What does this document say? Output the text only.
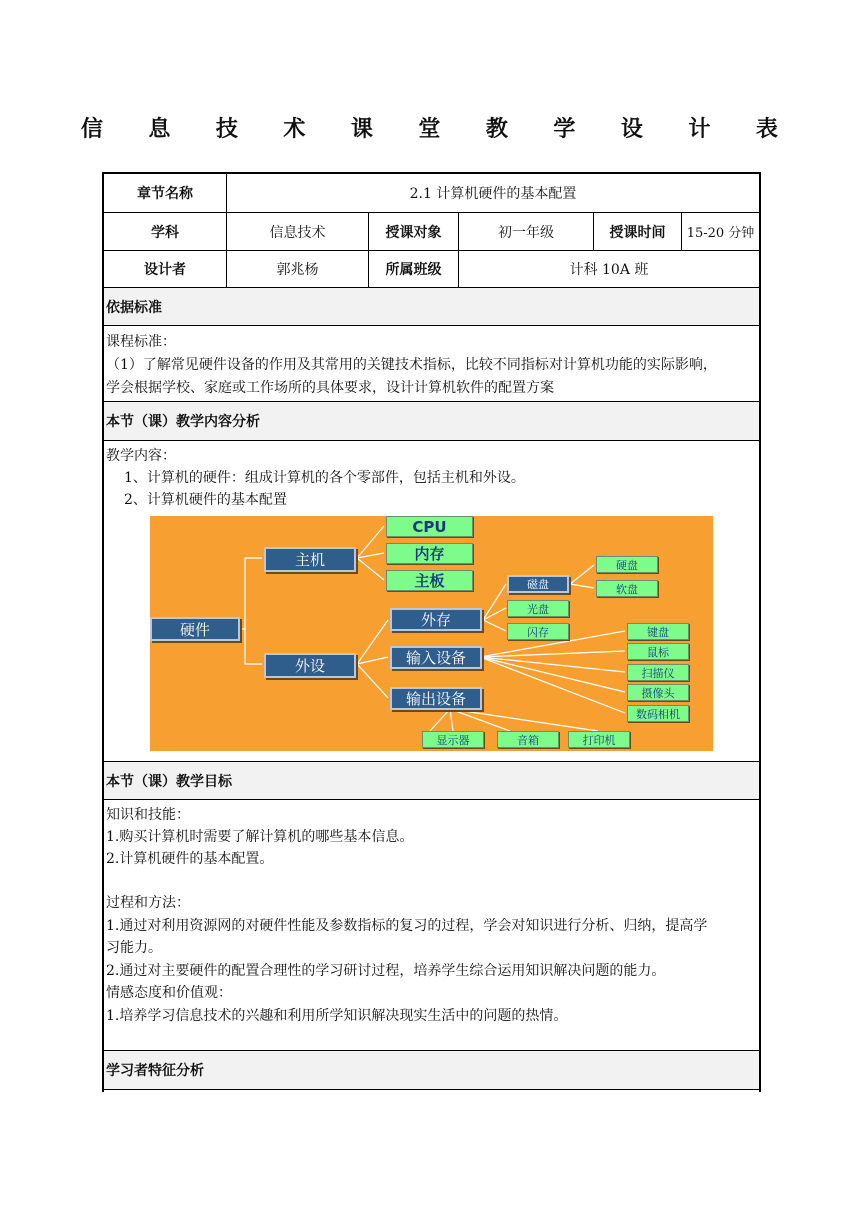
信 息 技 术 课 堂 教 学 设 计 表
章节名称	2.1 计算机硬件的基本配置
学科	信息技术	授课对象	初一年级	授课时间	15-20 分钟
设计者	郭兆杨	所属班级	计科 10A 班
依据标准
课程标准：
（1）了解常见硬件设备的作用及其常用的关键技术指标，比较不同指标对计算机功能的实际影响，
学会根据学校、家庭或工作场所的具体要求，设计计算机软件的配置方案
本节（课）教学内容分析
教学内容：
1、计算机的硬件：组成计算机的各个零部件，包括主机和外设。
2、计算机硬件的基本配置
硬件
主机
外设
CPU
内存
主板
外存
输入设备
输出设备
磁盘
光盘
闪存
硬盘
软盘
键盘
鼠标
扫描仪
摄像头
数码相机
显示器	音箱	打印机
本节（课）教学目标
知识和技能：
1.购买计算机时需要了解计算机的哪些基本信息。
2.计算机硬件的基本配置。
过程和方法：
1.通过对利用资源网的对硬件性能及参数指标的复习的过程，学会对知识进行分析、归纳，提高学
习能力。
2.通过对主要硬件的配置合理性的学习研讨过程，培养学生综合运用知识解决问题的能力。
情感态度和价值观：
1.培养学习信息技术的兴趣和利用所学知识解决现实生活中的问题的热情。
学习者特征分析
